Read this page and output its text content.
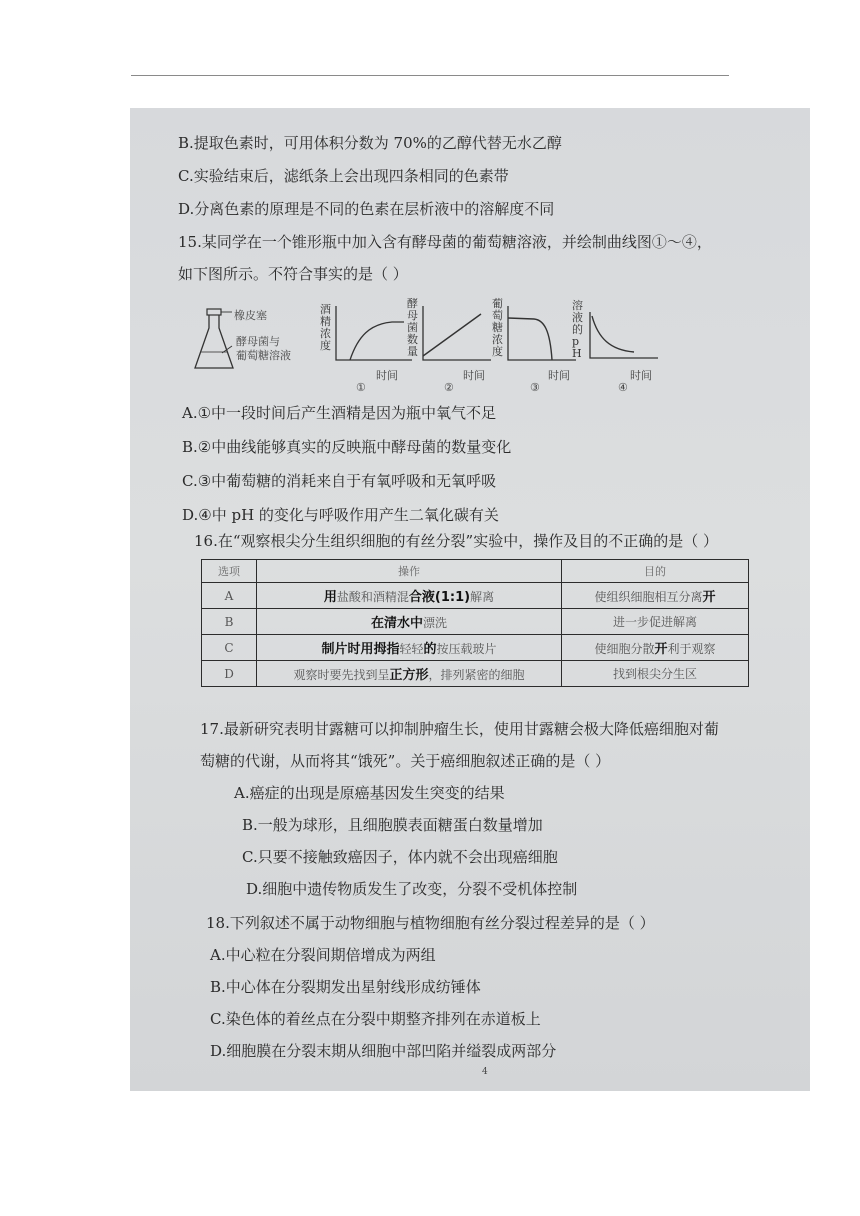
B.提取色素时，可用体积分数为 70%的乙醇代替无水乙醇
C.实验结束后，滤纸条上会出现四条相同的色素带
D.分离色素的原理是不同的色素在层析液中的溶解度不同
15.某同学在一个锥形瓶中加入含有酵母菌的葡萄糖溶液，并绘制曲线图①～④，
如下图所示。不符合事实的是（ ）
橡皮塞
酵母菌与
葡萄糖溶液
酒精浓度
时间
①
酵母菌数量
时间
②
葡萄糖浓度
时间
③
溶液的pH
时间
④
A.①中一段时间后产生酒精是因为瓶中氧气不足
B.②中曲线能够真实的反映瓶中酵母菌的数量变化
C.③中葡萄糖的消耗来自于有氧呼吸和无氧呼吸
D.④中 pH 的变化与呼吸作用产生二氧化碳有关
16.在“观察根尖分生组织细胞的有丝分裂”实验中，操作及目的不正确的是（ ）
选项	操作	目的
A	用盐酸和酒精混合液(1:1)解离	使组织细胞相互分离开
B	在清水中漂洗	进一步促进解离
C	制片时用拇指轻轻的按压载玻片	使细胞分散开利于观察
D	观察时要先找到呈正方形，排列紧密的细胞	找到根尖分生区
17.最新研究表明甘露糖可以抑制肿瘤生长，使用甘露糖会极大降低癌细胞对葡
萄糖的代谢，从而将其“饿死”。关于癌细胞叙述正确的是（ ）
A.癌症的出现是原癌基因发生突变的结果
B.一般为球形，且细胞膜表面糖蛋白数量增加
C.只要不接触致癌因子，体内就不会出现癌细胞
D.细胞中遗传物质发生了改变，分裂不受机体控制
18.下列叙述不属于动物细胞与植物细胞有丝分裂过程差异的是（ ）
A.中心粒在分裂间期倍增成为两组
B.中心体在分裂期发出星射线形成纺锤体
C.染色体的着丝点在分裂中期整齐排列在赤道板上
D.细胞膜在分裂末期从细胞中部凹陷并缢裂成两部分
4
